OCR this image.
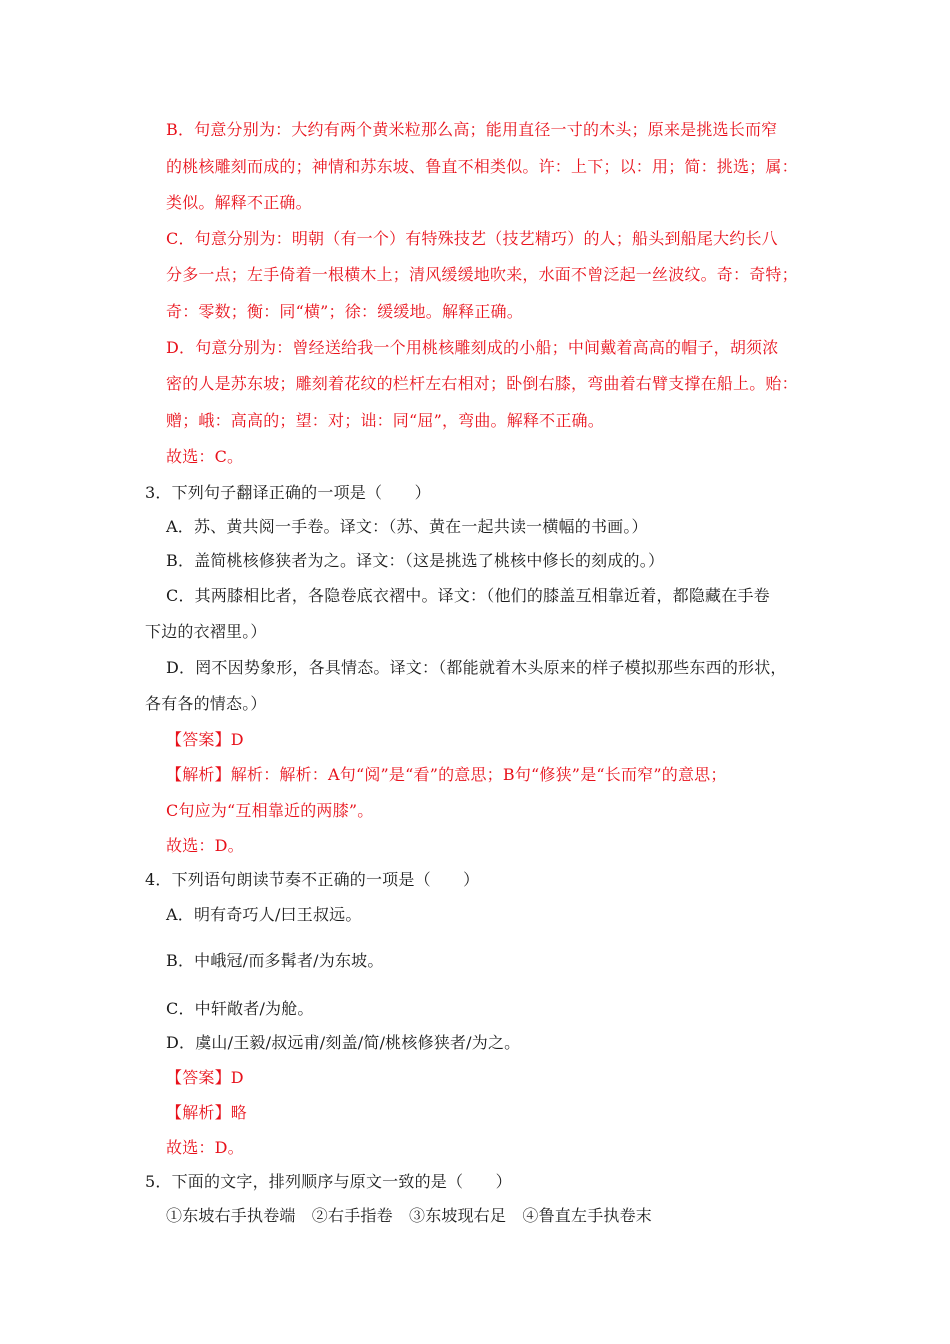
B．句意分别为：大约有两个黄米粒那么高；能用直径一寸的木头；原来是挑选长而窄
的桃核雕刻而成的；神情和苏东坡、鲁直不相类似。许：上下；以：用；简：挑选；属：
类似。解释不正确。
C．句意分别为：明朝（有一个）有特殊技艺（技艺精巧）的人；船头到船尾大约长八
分多一点；左手倚着一根横木上；清风缓缓地吹来，水面不曾泛起一丝波纹。奇：奇特；
奇：零数；衡：同“横”；徐：缓缓地。解释正确。
D．句意分别为：曾经送给我一个用桃核雕刻成的小船；中间戴着高高的帽子，胡须浓
密的人是苏东坡；雕刻着花纹的栏杆左右相对；卧倒右膝，弯曲着右臂支撑在船上。贻：
赠；峨：高高的；望：对；诎：同“屈”，弯曲。解释不正确。
故选：C。
3．下列句子翻译正确的一项是（　　）
A．苏、黄共阅一手卷。译文：（苏、黄在一起共读一横幅的书画。）
B．盖简桃核修狭者为之。译文：（这是挑选了桃核中修长的刻成的。）
C．其两膝相比者，各隐卷底衣褶中。译文：（他们的膝盖互相靠近着，都隐藏在手卷
下边的衣褶里。）
D．罔不因势象形，各具情态。译文：（都能就着木头原来的样子模拟那些东西的形状，
各有各的情态。）
【答案】D
【解析】解析：解析：A句“阅”是“看”的意思；B句“修狭”是“长而窄”的意思；
C句应为“互相靠近的两膝”。
故选：D。
4．下列语句朗读节奏不正确的一项是（　　）
A．明有奇巧人/曰王叔远。
B．中峨冠/而多髯者/为东坡。
C．中轩敞者/为舱。
D．虞山/王毅/叔远甫/刻盖/简/桃核修狭者/为之。
【答案】D
【解析】略
故选：D。
5．下面的文字，排列顺序与原文一致的是（　　）
①东坡右手执卷端　②右手指卷　③东坡现右足　④鲁直左手执卷末
